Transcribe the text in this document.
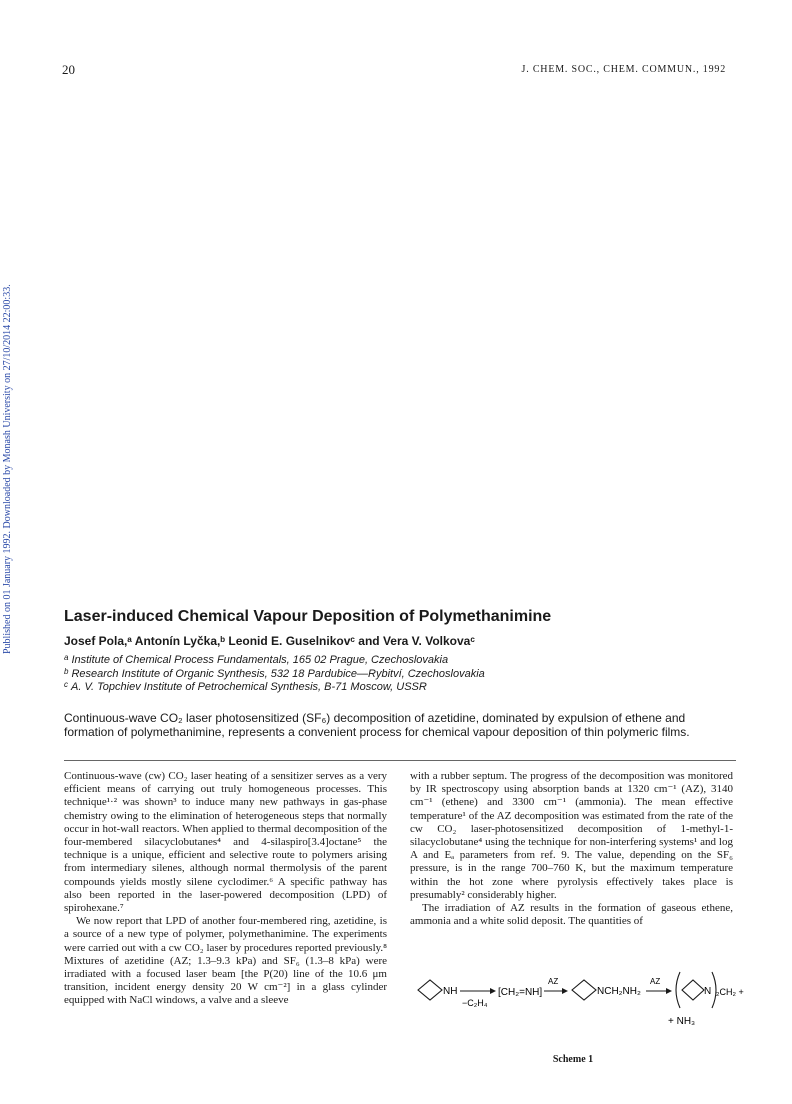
20	J. CHEM. SOC., CHEM. COMMUN., 1992
Published on 01 January 1992. Downloaded by Monash University on 27/10/2014 22:00:33.	Laser-induced Chemical Vapour Deposition of Polymethanimine
Josef Pola,ᵃ Antonín Lyčka,ᵇ Leonid E. Guselnikovᶜ and Vera V. Volkovaᶜ
$^a$ Institute of Chemical Process Fundamentals, 165 02 Prague, Czechoslovakia
$^b$ Research Institute of Organic Synthesis, 532 18 Pardubice—Rybitví, Czechoslovakia
$^c$ A. V. Topchiev Institute of Petrochemical Synthesis, B-71 Moscow, USSR

Continuous-wave CO₂ laser photosensitized (SF₆) decomposition of azetidine, dominated by expulsion of ethene and formation of polymethanimine, represents a convenient process for chemical vapour deposition of thin polymeric films.

Continuous-wave (cw) CO₂ laser heating of a sensitizer serves as a very efficient means of carrying out truly homogeneous processes. This technique¹·² was shown³ to induce many new pathways in gas-phase chemistry owing to the elimination of heterogeneous steps that normally occur in hot-wall reactors. When applied to thermal decomposition of the four-membered silacyclobutanes⁴ and 4-silaspiro[3.4]octane⁵ the technique is a unique, efficient and selective route to polymers arising from intermediary silenes, although normal thermolysis of the parent compounds yields mostly silene cyclodimer.⁶ A specific pathway has also been reported in the laser-powered decomposition (LPD) of spirohexane.⁷

We now report that LPD of another four-membered ring, azetidine, is a source of a new type of polymer, polymethanimine. The experiments were carried out with a cw CO₂ laser by procedures reported previously.⁸ Mixtures of azetidine (AZ; 1.3–9.3 kPa) and SF₆ (1.3–8 kPa) were irradiated with a focused laser beam [the P(20) line of the 10.6 μm transition, incident energy density 20 W cm⁻²] in a glass cylinder equipped with NaCl windows, a valve and a sleeve

with a rubber septum. The progress of the decomposition was monitored by IR spectroscopy using absorption bands at 1320 cm⁻¹ (AZ), 3140 cm⁻¹ (ethene) and 3300 cm⁻¹ (ammonia). The mean effective temperature¹ of the AZ decomposition was estimated from the rate of the cw CO₂ laser-photosensitized decomposition of 1-methyl-1-silacyclobutane⁴ using the technique for non-interfering systems¹ and log A and Eₐ parameters from ref. 9. The value, depending on the SF₆ pressure, is in the range 700–760 K, but the maximum temperature within the hot zone where pyrolysis effectively takes place is presumably² considerably higher.

The irradiation of AZ results in the formation of gaseous ethene, ammonia and a white solid deposit. The quantities of

NH
−C₂H₄
[CH₂=NH]
AZ
NCH₂NH₂
AZ
N ₂CH₂ +
+ NH₃
Scheme 1
